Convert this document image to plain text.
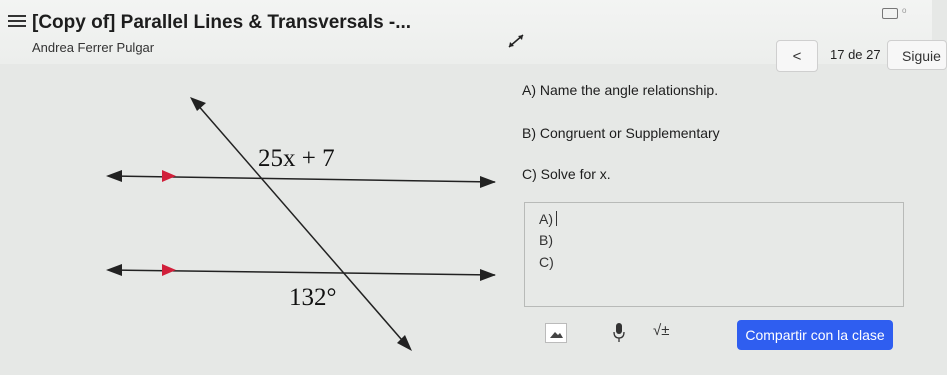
[Copy of] Parallel Lines & Transversals -...
Andrea Ferrer Pulgar
o
<	17 de 27	Siguie
25x + 7
132°
A) Name the angle relationship.
B) Congruent or Supplementary
C) Solve for x.
A)
B)
C)
√±	Compartir con la clase
